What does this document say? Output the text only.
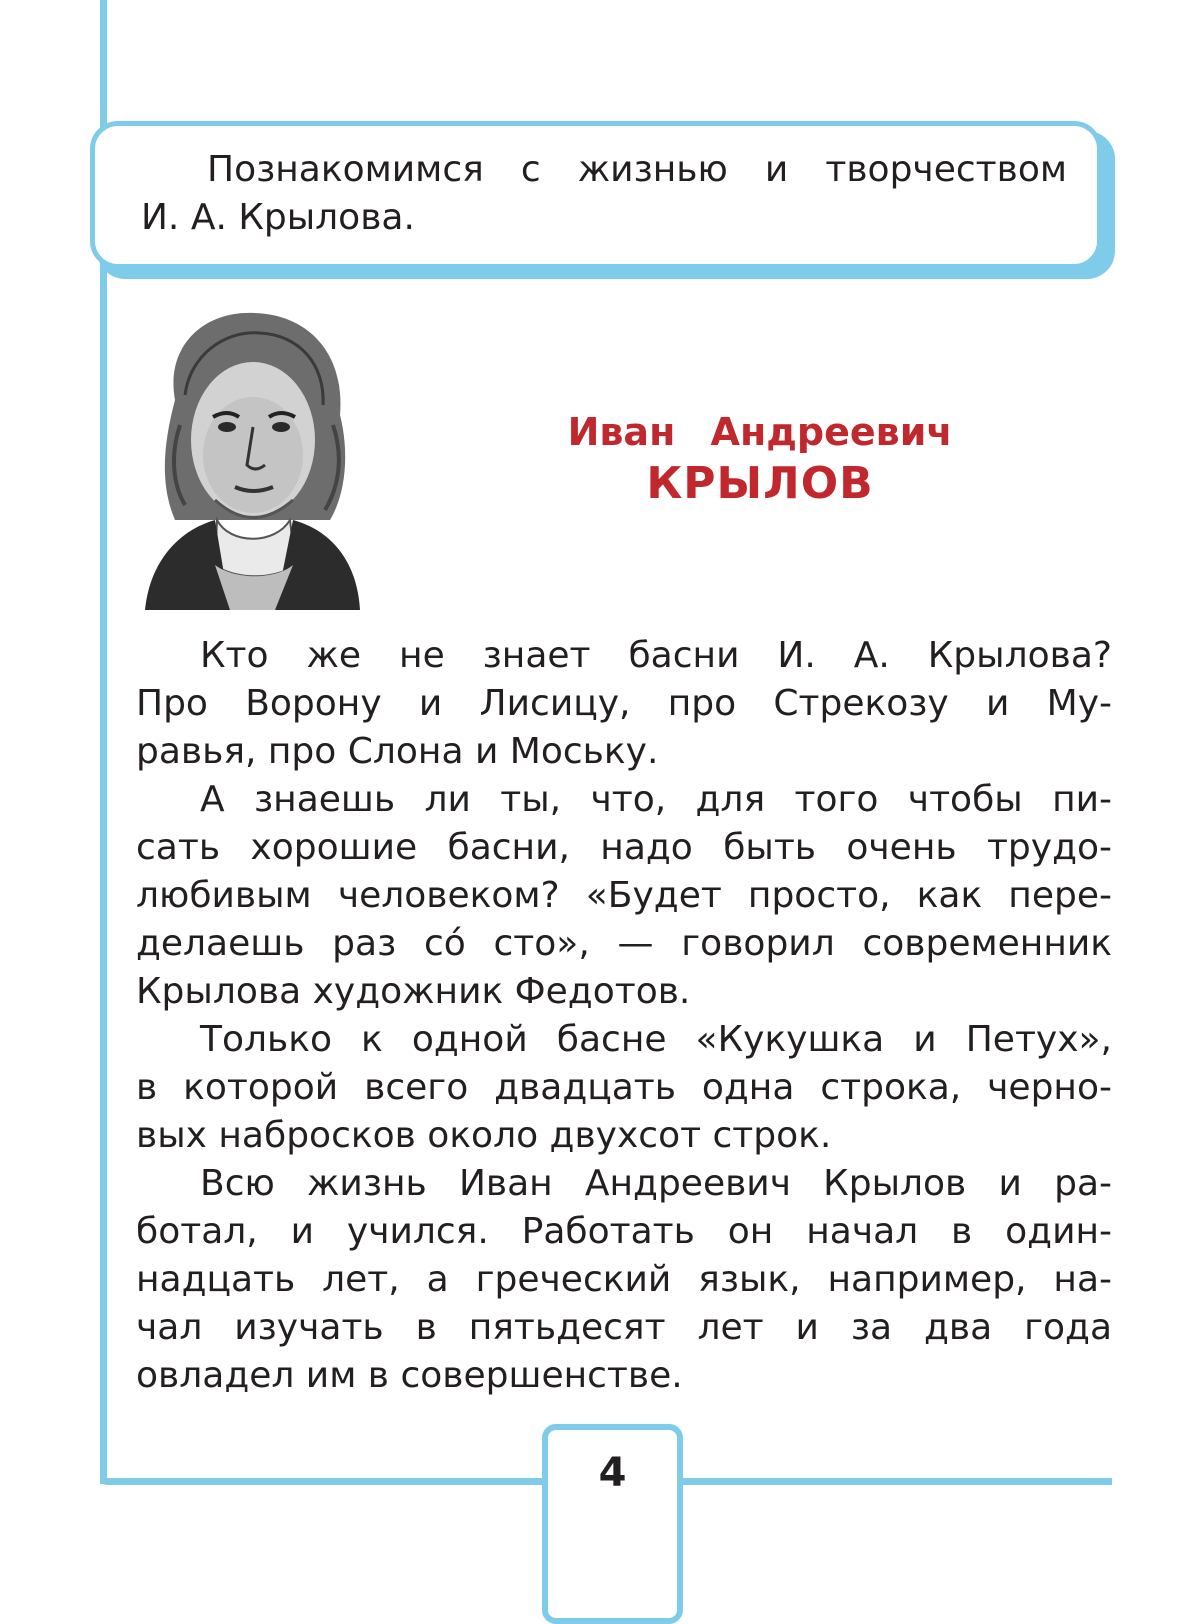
Познакомимся с жизнью и творчеством
И. А. Крылова.

Иван Андреевич
КРЫЛОВ

Кто же не знает басни И. А. Крылова?
Про Ворону и Лисицу, про Стрекозу и Му-
равья, про Слона и Моську.

А знаешь ли ты, что, для того чтобы пи-
сать хорошие басни, надо быть очень трудо-
любивым человеком? «Будет просто, как пере-
делаешь раз сó сто», — говорил современник
Крылова художник Федотов.

Только к одной басне «Кукушка и Петух»,
в которой всего двадцать одна строка, черно-
вых набросков около двухсот строк.

Всю жизнь Иван Андреевич Крылов и ра-
ботал, и учился. Работать он начал в один-
надцать лет, а греческий язык, например, на-
чал изучать в пятьдесят лет и за два года
овладел им в совершенстве.

4
